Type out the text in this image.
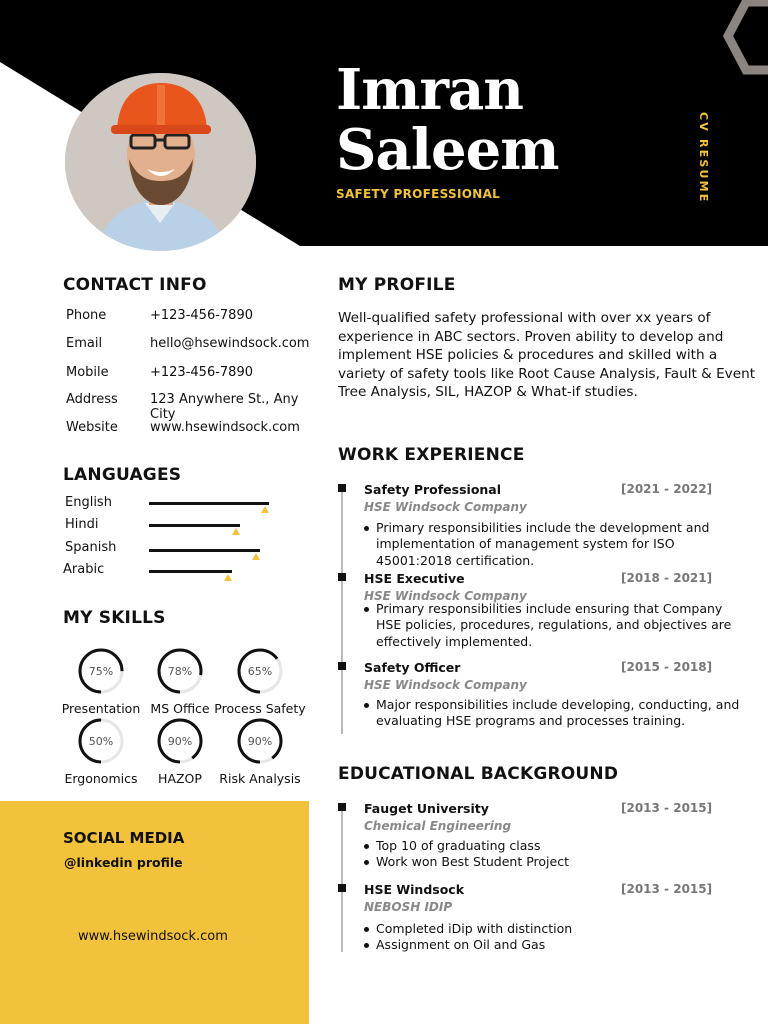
Imran
Saleem
SAFETY PROFESSIONAL	CV RESUME
CONTACT INFO
Phone	+123-456-7890
Email	hello@hsewindsock.com
Mobile	+123-456-7890
Address 123 Anywhere St., Any City
Website www.hsewindsock.com
LANGUAGES
English
Hindi
Spanish
Arabic
MY SKILLS
75%
Presentation
78%
MS Office
65%
Process Safety
50%
Ergonomics
90%
HAZOP
90%
Risk Analysis
SOCIAL MEDIA
@linkedin profile
www.hsewindsock.com
MY PROFILE
Well-qualified safety professional with over xx years of experience in ABC sectors. Proven ability to develop and implement HSE policies & procedures and skilled with a variety of safety tools like Root Cause Analysis, Fault & Event Tree Analysis, SIL, HAZOP & What-if studies.
WORK EXPERIENCE
Safety Professional	[2021 - 2022]
HSE Windsock Company
Primary responsibilities include the development and implementation of management system for ISO 45001:2018 certification.
HSE Executive	[2018 - 2021]
HSE Windsock Company
Primary responsibilities include ensuring that Company HSE policies, procedures, regulations, and objectives are effectively implemented.
Safety Officer	[2015 - 2018]
HSE Windsock Company
Major responsibilities include developing, conducting, and evaluating HSE programs and processes training.
EDUCATIONAL BACKGROUND
Fauget University	[2013 - 2015]
Chemical Engineering
Top 10 of graduating class
Work won Best Student Project
HSE Windsock	[2013 - 2015]
NEBOSH IDIP
Completed iDip with distinction
Assignment on Oil and Gas
